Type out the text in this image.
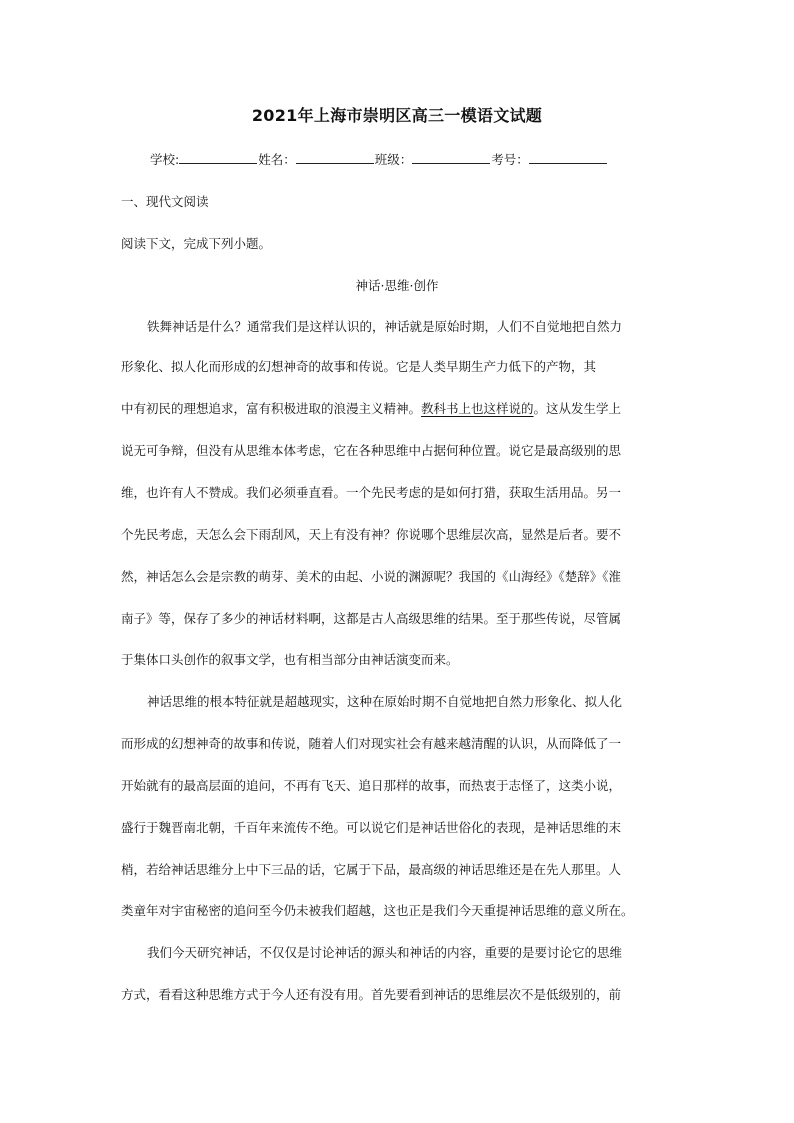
2021年上海市崇明区高三一模语文试题
学校:	姓名：	班级：	考号：
一、现代文阅读
阅读下文，完成下列小题。
神话·思维·创作
铁舞神话是什么？通常我们是这样认识的，神话就是原始时期，人们不自觉地把自然力
形象化、拟人化而形成的幻想神奇的故事和传说。它是人类早期生产力低下的产物，其
中有初民的理想追求，富有积极进取的浪漫主义精神。教科书上也这样说的。这从发生学上
说无可争辩，但没有从思维本体考虑，它在各种思维中占据何种位置。说它是最高级别的思
维，也许有人不赞成。我们必须垂直看。一个先民考虑的是如何打猎，获取生活用品。另一
个先民考虑，天怎么会下雨刮风，天上有没有神？你说哪个思维层次高，显然是后者。要不
然，神话怎么会是宗教的萌芽、美术的由起、小说的渊源呢？我国的《山海经》《楚辞》《淮
南子》等，保存了多少的神话材料啊，这都是古人高级思维的结果。至于那些传说，尽管属
于集体口头创作的叙事文学，也有相当部分由神话演变而来。
神话思维的根本特征就是超越现实，这种在原始时期不自觉地把自然力形象化、拟人化
而形成的幻想神奇的故事和传说，随着人们对现实社会有越来越清醒的认识，从而降低了一
开始就有的最高层面的追问，不再有飞天、追日那样的故事，而热衷于志怪了，这类小说，
盛行于魏晋南北朝，千百年来流传不绝。可以说它们是神话世俗化的表现，是神话思维的末
梢，若给神话思维分上中下三品的话，它属于下品，最高级的神话思维还是在先人那里。人
类童年对宇宙秘密的追问至今仍未被我们超越，这也正是我们今天重提神话思维的意义所在。
我们今天研究神话，不仅仅是讨论神话的源头和神话的内容，重要的是要讨论它的思维
方式，看看这种思维方式于今人还有没有用。首先要看到神话的思维层次不是低级别的，前
